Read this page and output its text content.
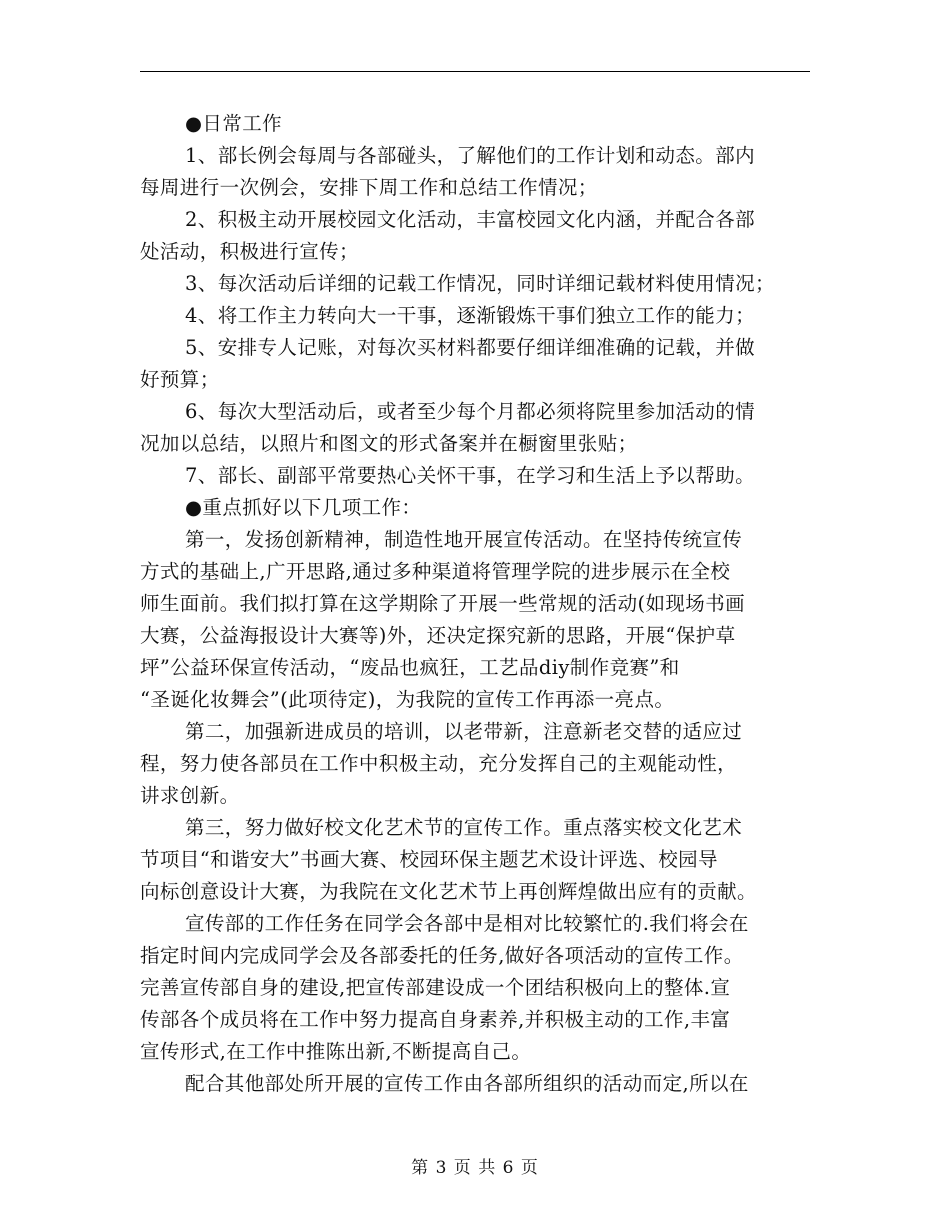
●日常工作
1、部长例会每周与各部碰头，了解他们的工作计划和动态。部内
每周进行一次例会，安排下周工作和总结工作情况；
2、积极主动开展校园文化活动，丰富校园文化内涵，并配合各部
处活动，积极进行宣传；
3、每次活动后详细的记载工作情况，同时详细记载材料使用情况；
4、将工作主力转向大一干事，逐渐锻炼干事们独立工作的能力；
5、安排专人记账，对每次买材料都要仔细详细准确的记载，并做
好预算；
6、每次大型活动后，或者至少每个月都必须将院里参加活动的情
况加以总结，以照片和图文的形式备案并在橱窗里张贴；
7、部长、副部平常要热心关怀干事，在学习和生活上予以帮助。
●重点抓好以下几项工作：
第一，发扬创新精神，制造性地开展宣传活动。在坚持传统宣传
方式的基础上,广开思路,通过多种渠道将管理学院的进步展示在全校
师生面前。我们拟打算在这学期除了开展一些常规的活动(如现场书画
大赛，公益海报设计大赛等)外，还决定探究新的思路，开展“保护草
坪”公益环保宣传活动，“废品也疯狂，工艺品diy制作竞赛”和
“圣诞化妆舞会”(此项待定)，为我院的宣传工作再添一亮点。
第二，加强新进成员的培训，以老带新，注意新老交替的适应过
程，努力使各部员在工作中积极主动，充分发挥自己的主观能动性，
讲求创新。
第三，努力做好校文化艺术节的宣传工作。重点落实校文化艺术
节项目“和谐安大”书画大赛、校园环保主题艺术设计评选、校园导
向标创意设计大赛，为我院在文化艺术节上再创辉煌做出应有的贡献。
宣传部的工作任务在同学会各部中是相对比较繁忙的.我们将会在
指定时间内完成同学会及各部委托的任务,做好各项活动的宣传工作。
完善宣传部自身的建设,把宣传部建设成一个团结积极向上的整体.宣
传部各个成员将在工作中努力提高自身素养,并积极主动的工作,丰富
宣传形式,在工作中推陈出新,不断提高自己。
配合其他部处所开展的宣传工作由各部所组织的活动而定,所以在
第 3 页 共 6 页
